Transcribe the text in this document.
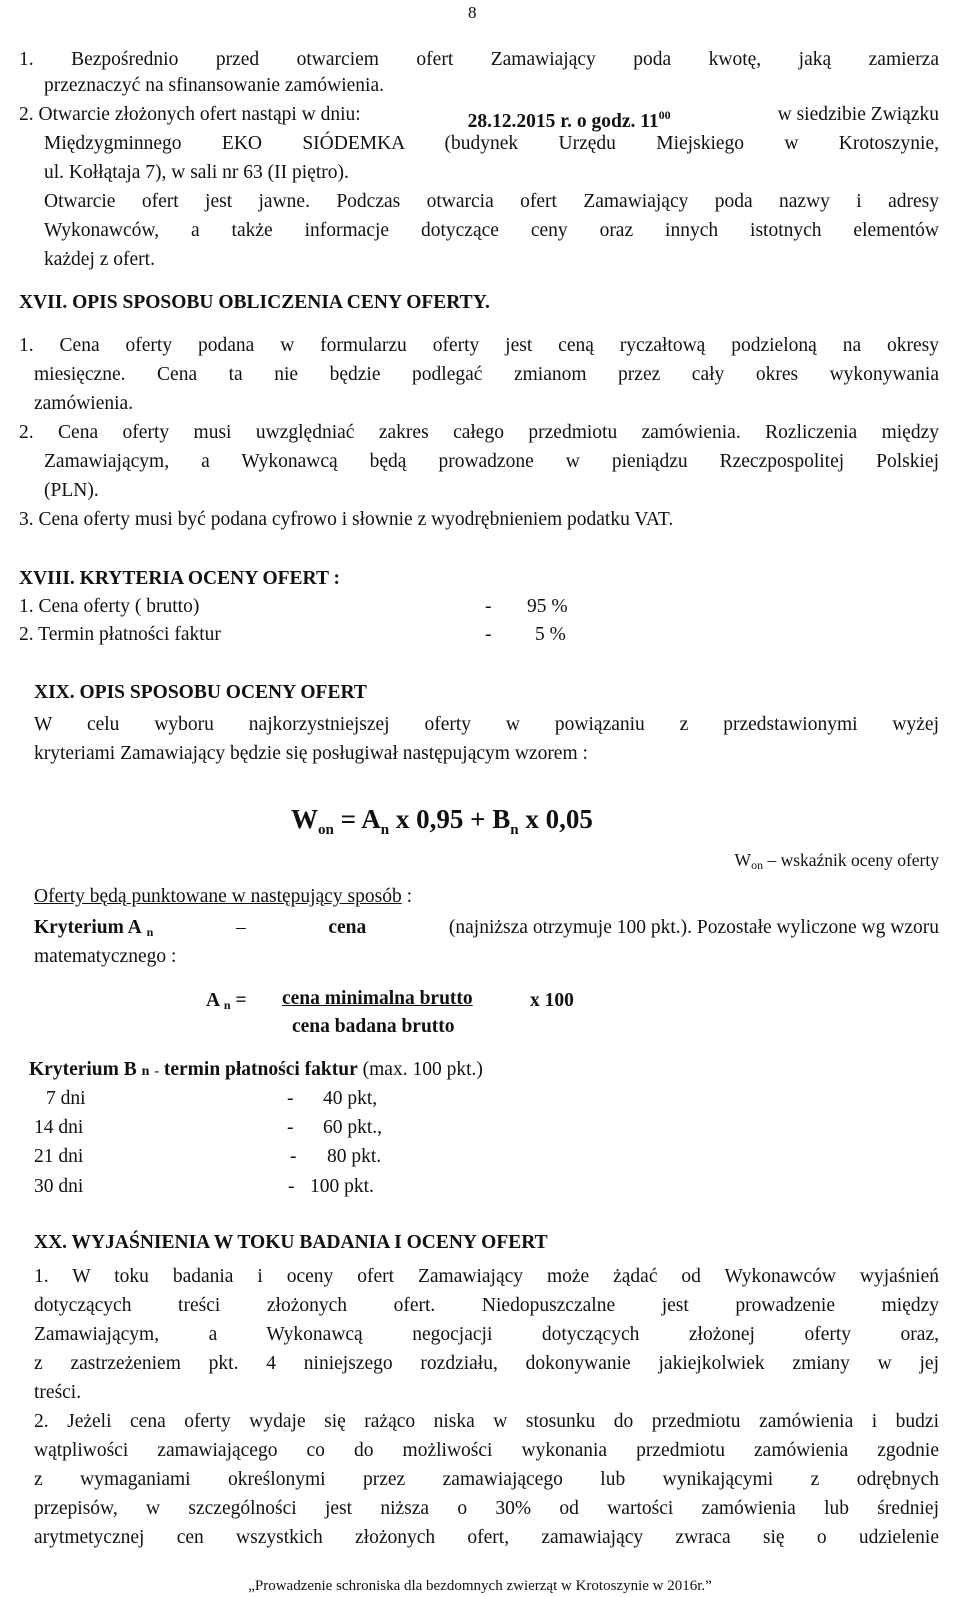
8
1. Bezpośrednio przed otwarciem ofert Zamawiający poda kwotę, jaką zamierza
przeznaczyć na sfinansowanie zamówienia.
2. Otwarcie złożonych ofert nastąpi w dniu:	28.12.2015 r. o godz. $11^{00}$	w siedzibie Związku
Międzygminnego EKO SIÓDEMKA (budynek Urzędu Miejskiego w Krotoszynie,
ul. Kołłątaja 7), w sali nr 63 (II piętro).
Otwarcie ofert jest jawne. Podczas otwarcia ofert Zamawiający poda nazwy i adresy
Wykonawców, a także informacje dotyczące ceny oraz innych istotnych elementów
każdej z ofert.
XVII. OPIS SPOSOBU OBLICZENIA CENY OFERTY.
1. Cena oferty podana w formularzu oferty jest ceną ryczałtową podzieloną na okresy
miesięczne. Cena ta nie będzie podlegać zmianom przez cały okres wykonywania
zamówienia.
2. Cena oferty musi uwzględniać zakres całego przedmiotu zamówienia. Rozliczenia między
Zamawiającym, a Wykonawcą będą prowadzone w pieniądzu Rzeczpospolitej Polskiej
(PLN).
3. Cena oferty musi być podana cyfrowo i słownie z wyodrębnieniem podatku VAT.
XVIII. KRYTERIA OCENY OFERT :
1. Cena oferty ( brutto)	- 95 %
2. Termin płatności faktur	- 5 %
XIX. OPIS SPOSOBU OCENY OFERT
W celu wyboru najkorzystniejszej oferty w powiązaniu z przedstawionymi wyżej
kryteriami Zamawiający będzie się posługiwał następującym wzorem :
$W_{on} = A_n$ x $0,95 + B_n$ x 0,05
$W_{on}$ – wskaźnik oceny oferty
Oferty będą punktowane w następujący sposób :
Kryterium A $_n$	–	cena	(najniższa otrzymuje 100 pkt.). Pozostałe wyliczone wg wzoru
matematycznego :
A $_n$ = cena minimalna brutto	x 100
cena badana brutto
Kryterium B n - termin płatności faktur (max. 100 pkt.)
7 dni	- 40 pkt,
14 dni	- 60 pkt.,
21 dni	- 80 pkt.
30 dni	- 100 pkt.
XX. WYJAŚNIENIA W TOKU BADANIA I OCENY OFERT
1. W toku badania i oceny ofert Zamawiający może żądać od Wykonawców wyjaśnień
dotyczących treści złożonych ofert. Niedopuszczalne jest prowadzenie między
Zamawiającym, a Wykonawcą negocjacji dotyczących złożonej oferty oraz,
z zastrzeżeniem pkt. 4 niniejszego rozdziału, dokonywanie jakiejkolwiek zmiany w jej
treści.
2. Jeżeli cena oferty wydaje się rażąco niska w stosunku do przedmiotu zamówienia i budzi
wątpliwości zamawiającego co do możliwości wykonania przedmiotu zamówienia zgodnie
z wymaganiami określonymi przez zamawiającego lub wynikającymi z odrębnych
przepisów, w szczególności jest niższa o 30% od wartości zamówienia lub średniej
arytmetycznej cen wszystkich złożonych ofert, zamawiający zwraca się o udzielenie
„Prowadzenie schroniska dla bezdomnych zwierząt w Krotoszynie w 2016r.”
